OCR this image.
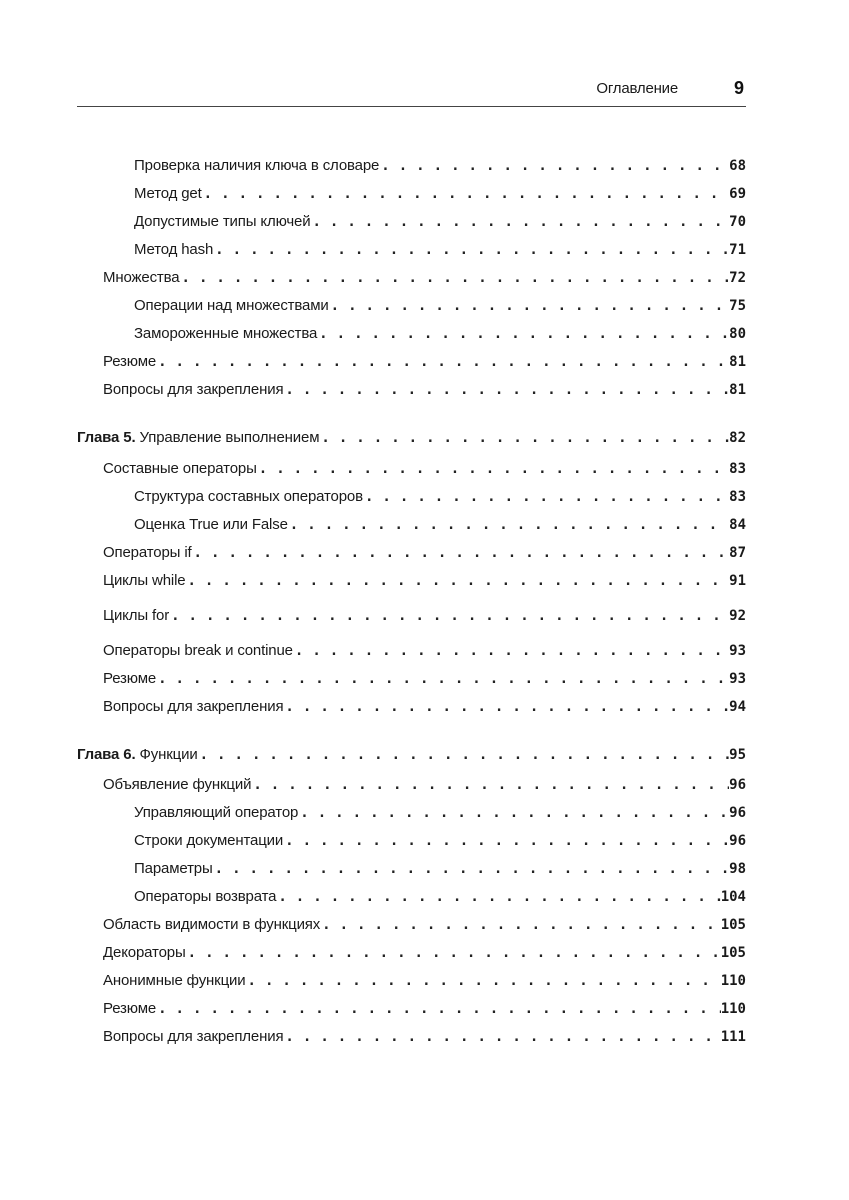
Оглавление	9
Проверка наличия ключа в словаре . . .	68
Метод get . . .	69
Допустимые типы ключей . . .	70
Метод hash . . .	71
Множества . . .	72
Операции над множествами . . .	75
Замороженные множества . . .	80
Резюме . . .	81
Вопросы для закрепления . . .	81
Глава 5. Управление выполнением . . .	82
Составные операторы . . .	83
Структура составных операторов . . .	83
Оценка True или False . . .	84
Операторы if . . .	87
Циклы while . . .	91
Циклы for . . .	92
Операторы break и continue . . .	93
Резюме . . .	93
Вопросы для закрепления . . .	94
Глава 6. Функции . . .	95
Объявление функций . . .	96
Управляющий оператор . . .	96
Строки документации . . .	96
Параметры . . .	98
Операторы возврата . . .	104
Область видимости в функциях . . .	105
Декораторы . . .	105
Анонимные функции . . .	110
Резюме . . .	110
Вопросы для закрепления . . .	111
